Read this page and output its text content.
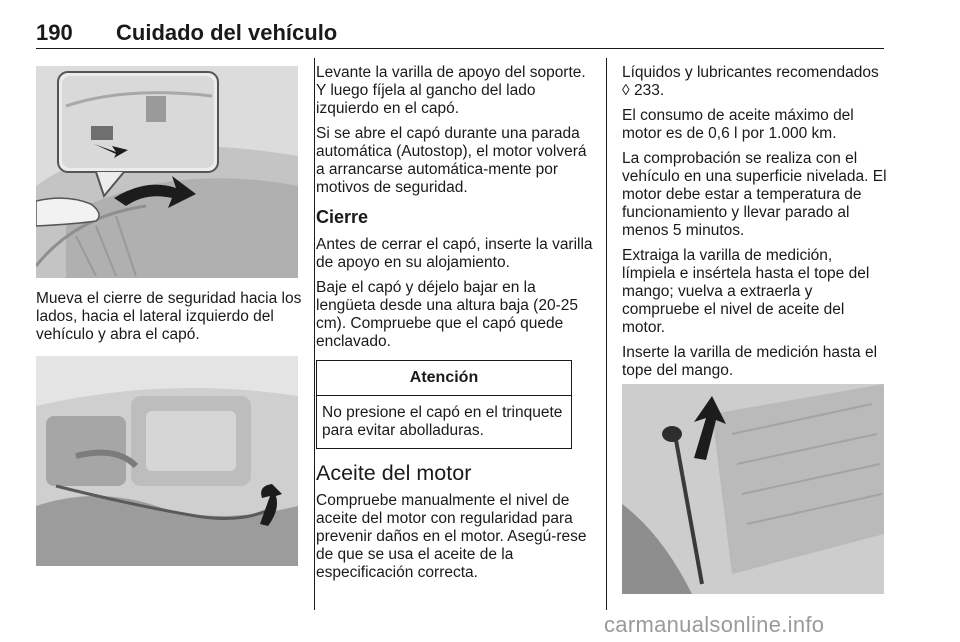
190 Cuidado del vehículo

Mueva el cierre de seguridad hacia los lados, hacia el lateral izquierdo del vehículo y abra el capó.

Levante la varilla de apoyo del soporte. Y luego fíjela al gancho del lado izquierdo en el capó.

Si se abre el capó durante una parada automática (Autostop), el motor volverá a arrancarse automática-mente por motivos de seguridad.

Cierre

Antes de cerrar el capó, inserte la varilla de apoyo en su alojamiento.

Baje el capó y déjelo bajar en la lengüeta desde una altura baja (20-25 cm). Compruebe que el capó quede enclavado.

Atención
No presione el capó en el trinquete para evitar abolladuras.
Aceite del motor

Compruebe manualmente el nivel de aceite del motor con regularidad para prevenir daños en el motor. Asegú-rese de que se usa el aceite de la especificación correcta.

Líquidos y lubricantes recomendados ◊ 233.

El consumo de aceite máximo del motor es de 0,6 l por 1.000 km.

La comprobación se realiza con el vehículo en una superficie nivelada. El motor debe estar a temperatura de funcionamiento y llevar parado al menos 5 minutos.

Extraiga la varilla de medición, límpiela e insértela hasta el tope del mango; vuelva a extraerla y compruebe el nivel de aceite del motor.

Inserte la varilla de medición hasta el tope del mango.

carmanualsonline.info
